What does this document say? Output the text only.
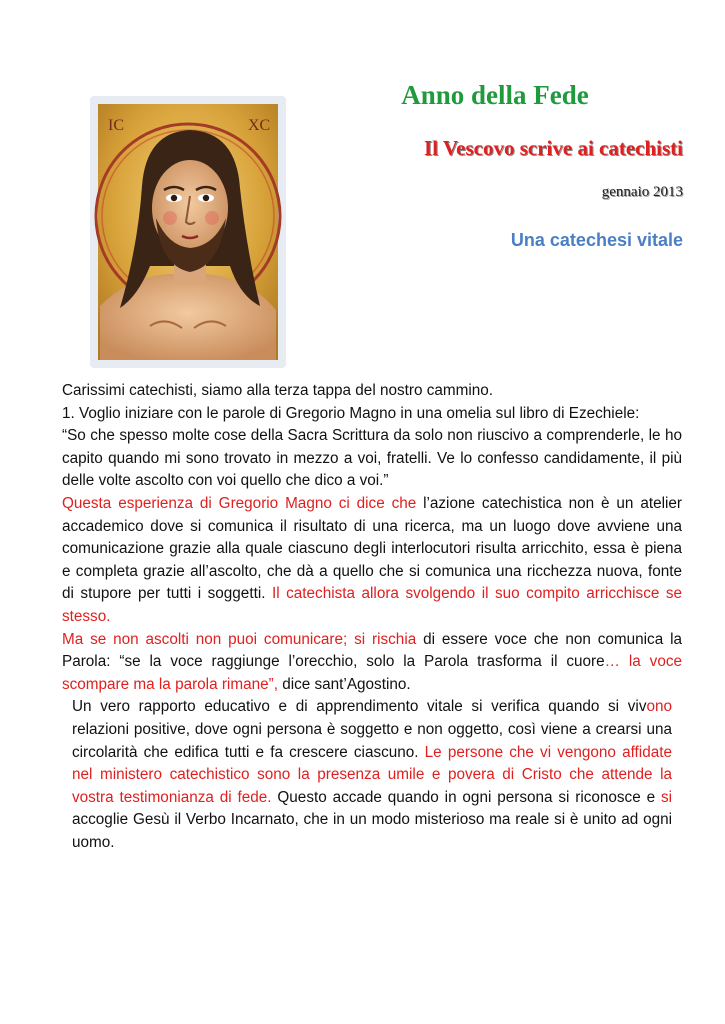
IC	XC
Anno della Fede
Il Vescovo scrive ai catechisti
gennaio 2013
Una catechesi vitale

Carissimi catechisti, siamo alla terza tappa del nostro cammino.

1. Voglio iniziare con le parole di Gregorio Magno in una omelia sul libro di Ezechiele:

“So che spesso molte cose della Sacra Scrittura da solo non riuscivo a comprenderle, le ho capito quando mi sono trovato in mezzo a voi, fratelli. Ve lo confesso candidamente, il più delle volte ascolto con voi quello che dico a voi.”

Questa esperienza di Gregorio Magno ci dice che l’azione catechistica non è un atelier accademico dove si comunica il risultato di una ricerca, ma un luogo dove avviene una comunicazione grazie alla quale ciascuno degli interlocutori risulta arricchito, essa è piena e completa grazie all’ascolto, che dà a quello che si comunica una ricchezza nuova, fonte di stupore per tutti i soggetti. Il catechista allora svolgendo il suo compito arricchisce se stesso.

Ma se non ascolti non puoi comunicare; si rischia di essere voce che non comunica la Parola: “se la voce raggiunge l’orecchio, solo la Parola trasforma il cuore… la voce scompare ma la parola rimane”, dice sant’Agostino.

Un vero rapporto educativo e di apprendimento vitale si verifica quando si vivono relazioni positive, dove ogni persona è soggetto e non oggetto, così viene a crearsi una circolarità che edifica tutti e fa crescere ciascuno. Le persone che vi vengono affidate nel ministero catechistico sono la presenza umile e povera di Cristo che attende la vostra testimonianza di fede. Questo accade quando in ogni persona si riconosce e si accoglie Gesù il Verbo Incarnato, che in un modo misterioso ma reale si è unito ad ogni uomo.
